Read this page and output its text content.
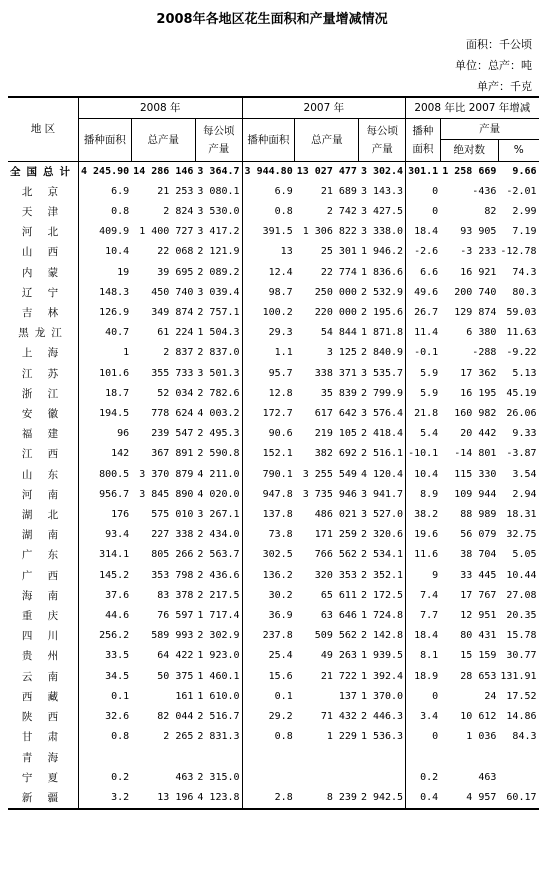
2008年各地区花生面积和产量增减情况
面积：千公顷
单位：总产：吨
单产：千克
地 区	2008 年			2007 年			2008 年比 2007 年增减		
	播种面积	总产量	每公顷产量	播种面积	总产量	每公顷产量	播种面积	产量	
								绝对数	%
全国总计	4 245.90	14 286 146	3 364.7	3 944.80	13 027 477	3 302.4	301.1	1 258 669	9.66
北 京	6.9	21 253	3 080.1	6.9	21 689	3 143.3	0	-436	-2.01
天 津	0.8	2 824	3 530.0	0.8	2 742	3 427.5	0	82	2.99
河 北	409.9	1 400 727	3 417.2	391.5	1 306 822	3 338.0	18.4	93 905	7.19
山 西	10.4	22 068	2 121.9	13	25 301	1 946.2	-2.6	-3 233	-12.78
内 蒙	19	39 695	2 089.2	12.4	22 774	1 836.6	6.6	16 921	74.3
辽 宁	148.3	450 740	3 039.4	98.7	250 000	2 532.9	49.6	200 740	80.3
吉 林	126.9	349 874	2 757.1	100.2	220 000	2 195.6	26.7	129 874	59.03
黑龙江	40.7	61 224	1 504.3	29.3	54 844	1 871.8	11.4	6 380	11.63
上 海	1	2 837	2 837.0	1.1	3 125	2 840.9	-0.1	-288	-9.22
江 苏	101.6	355 733	3 501.3	95.7	338 371	3 535.7	5.9	17 362	5.13
浙 江	18.7	52 034	2 782.6	12.8	35 839	2 799.9	5.9	16 195	45.19
安 徽	194.5	778 624	4 003.2	172.7	617 642	3 576.4	21.8	160 982	26.06
福 建	96	239 547	2 495.3	90.6	219 105	2 418.4	5.4	20 442	9.33
江 西	142	367 891	2 590.8	152.1	382 692	2 516.1	-10.1	-14 801	-3.87
山 东	800.5	3 370 879	4 211.0	790.1	3 255 549	4 120.4	10.4	115 330	3.54
河 南	956.7	3 845 890	4 020.0	947.8	3 735 946	3 941.7	8.9	109 944	2.94
湖 北	176	575 010	3 267.1	137.8	486 021	3 527.0	38.2	88 989	18.31
湖 南	93.4	227 338	2 434.0	73.8	171 259	2 320.6	19.6	56 079	32.75
广 东	314.1	805 266	2 563.7	302.5	766 562	2 534.1	11.6	38 704	5.05
广 西	145.2	353 798	2 436.6	136.2	320 353	2 352.1	9	33 445	10.44
海 南	37.6	83 378	2 217.5	30.2	65 611	2 172.5	7.4	17 767	27.08
重 庆	44.6	76 597	1 717.4	36.9	63 646	1 724.8	7.7	12 951	20.35
四 川	256.2	589 993	2 302.9	237.8	509 562	2 142.8	18.4	80 431	15.78
贵 州	33.5	64 422	1 923.0	25.4	49 263	1 939.5	8.1	15 159	30.77
云 南	34.5	50 375	1 460.1	15.6	21 722	1 392.4	18.9	28 653	131.91
西 藏	0.1	161	1 610.0	0.1	137	1 370.0	0	24	17.52
陕 西	32.6	82 044	2 516.7	29.2	71 432	2 446.3	3.4	10 612	14.86
甘 肃	0.8	2 265	2 831.3	0.8	1 229	1 536.3	0	1 036	84.3
青 海									
宁 夏	0.2	463	2 315.0				0.2	463	
新 疆	3.2	13 196	4 123.8	2.8	8 239	2 942.5	0.4	4 957	60.17
